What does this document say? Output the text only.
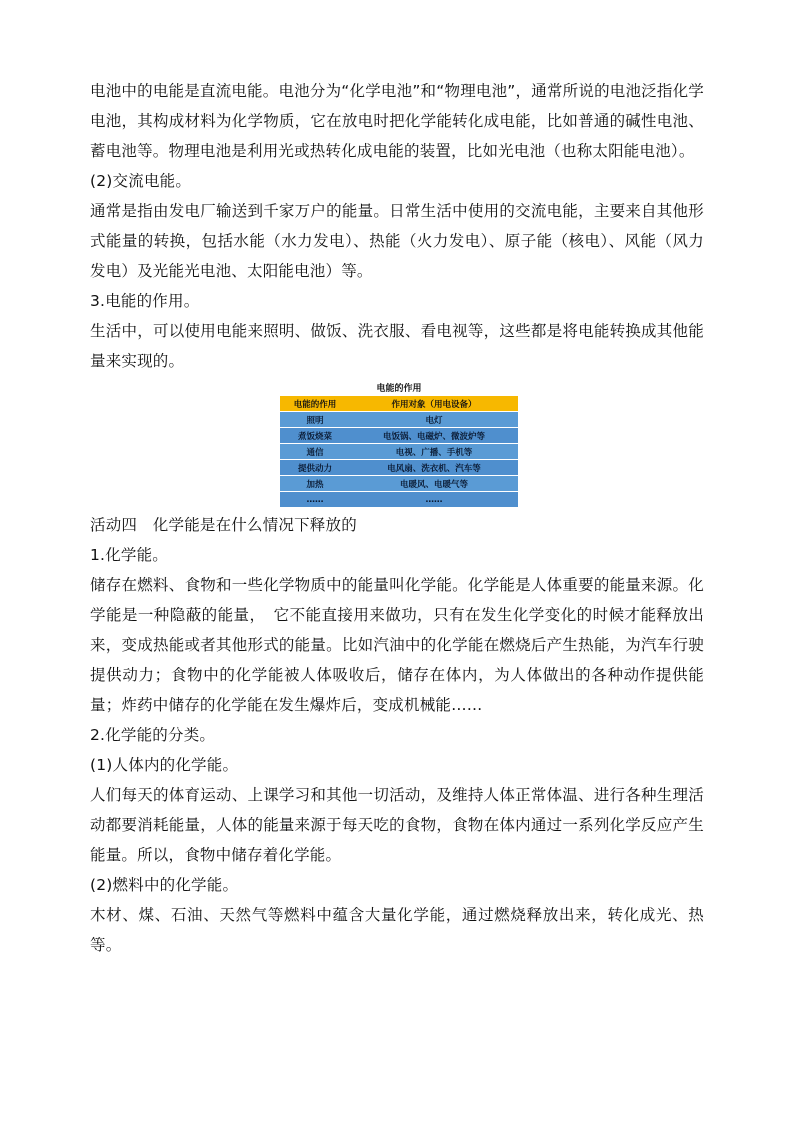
电池中的电能是直流电能。电池分为“化学电池”和“物理电池”，通常所说的电池泛指化学电池，其构成材料为化学物质，它在放电时把化学能转化成电能，比如普通的碱性电池、蓄电池等。物理电池是利用光或热转化成电能的装置，比如光电池（也称太阳能电池）。

(2)交流电能。

通常是指由发电厂输送到千家万户的能量。日常生活中使用的交流电能，主要来自其他形式能量的转换，包括水能（水力发电）、热能（火力发电）、原子能（核电）、风能（风力发电）及光能光电池、太阳能电池）等。

3.电能的作用。

生活中，可以使用电能来照明、做饭、洗衣服、看电视等，这些都是将电能转换成其他能量来实现的。

电能的作用
电能的作用	作用对象（用电设备）
照明	电灯
煮饭烧菜	电饭锅、电磁炉、微波炉等
通信	电视、广播、手机等
提供动力	电风扇、洗衣机、汽车等
加热	电暖风、电暖气等
……	……

活动四　化学能是在什么情况下释放的

1.化学能。

储存在燃料、食物和一些化学物质中的能量叫化学能。化学能是人体重要的能量来源。化学能是一种隐蔽的能量，　它不能直接用来做功，只有在发生化学变化的时候才能释放出来，变成热能或者其他形式的能量。比如汽油中的化学能在燃烧后产生热能，为汽车行驶提供动力；食物中的化学能被人体吸收后，储存在体内，为人体做出的各种动作提供能量；炸药中储存的化学能在发生爆炸后，变成机械能……

2.化学能的分类。

(1)人体内的化学能。

人们每天的体育运动、上课学习和其他一切活动，及维持人体正常体温、进行各种生理活动都要消耗能量，人体的能量来源于每天吃的食物，食物在体内通过一系列化学反应产生能量。所以，食物中储存着化学能。

(2)燃料中的化学能。

木材、煤、石油、天然气等燃料中蕴含大量化学能，通过燃烧释放出来，转化成光、热等。
